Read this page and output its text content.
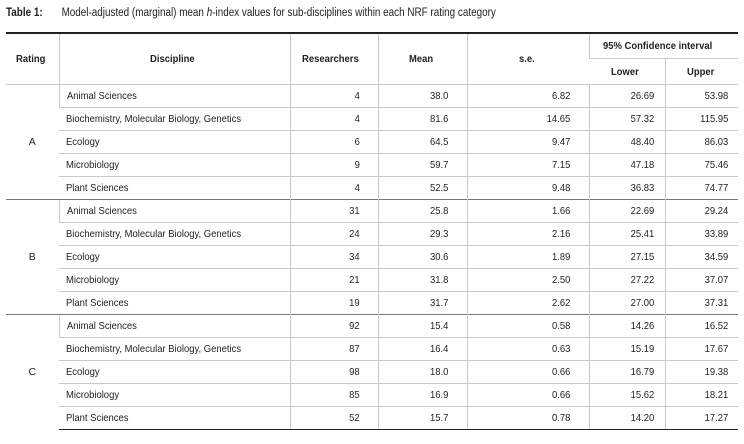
Table 1: Model-adjusted (marginal) mean h-index values for sub-disciplines within each NRF rating category
Rating	Discipline	Researchers	Mean	s.e.	95% Confidence interval	
					Lower	Upper
A	Animal Sciences	4	38.0	6.82	26.69	53.98
	Biochemistry, Molecular Biology, Genetics	4	81.6	14.65	57.32	115.95
	Ecology	6	64.5	9.47	48.40	86.03
	Microbiology	9	59.7	7.15	47.18	75.46
	Plant Sciences	4	52.5	9.48	36.83	74.77
B	Animal Sciences	31	25.8	1.66	22.69	29.24
	Biochemistry, Molecular Biology, Genetics	24	29.3	2.16	25.41	33.89
	Ecology	34	30.6	1.89	27.15	34.59
	Microbiology	21	31.8	2.50	27.22	37.07
	Plant Sciences	19	31.7	2.62	27.00	37.31
C	Animal Sciences	92	15.4	0.58	14.26	16.52
	Biochemistry, Molecular Biology, Genetics	87	16.4	0.63	15.19	17.67
	Ecology	98	18.0	0.66	16.79	19.38
	Microbiology	85	16.9	0.66	15.62	18.21
	Plant Sciences	52	15.7	0.78	14.20	17.27
